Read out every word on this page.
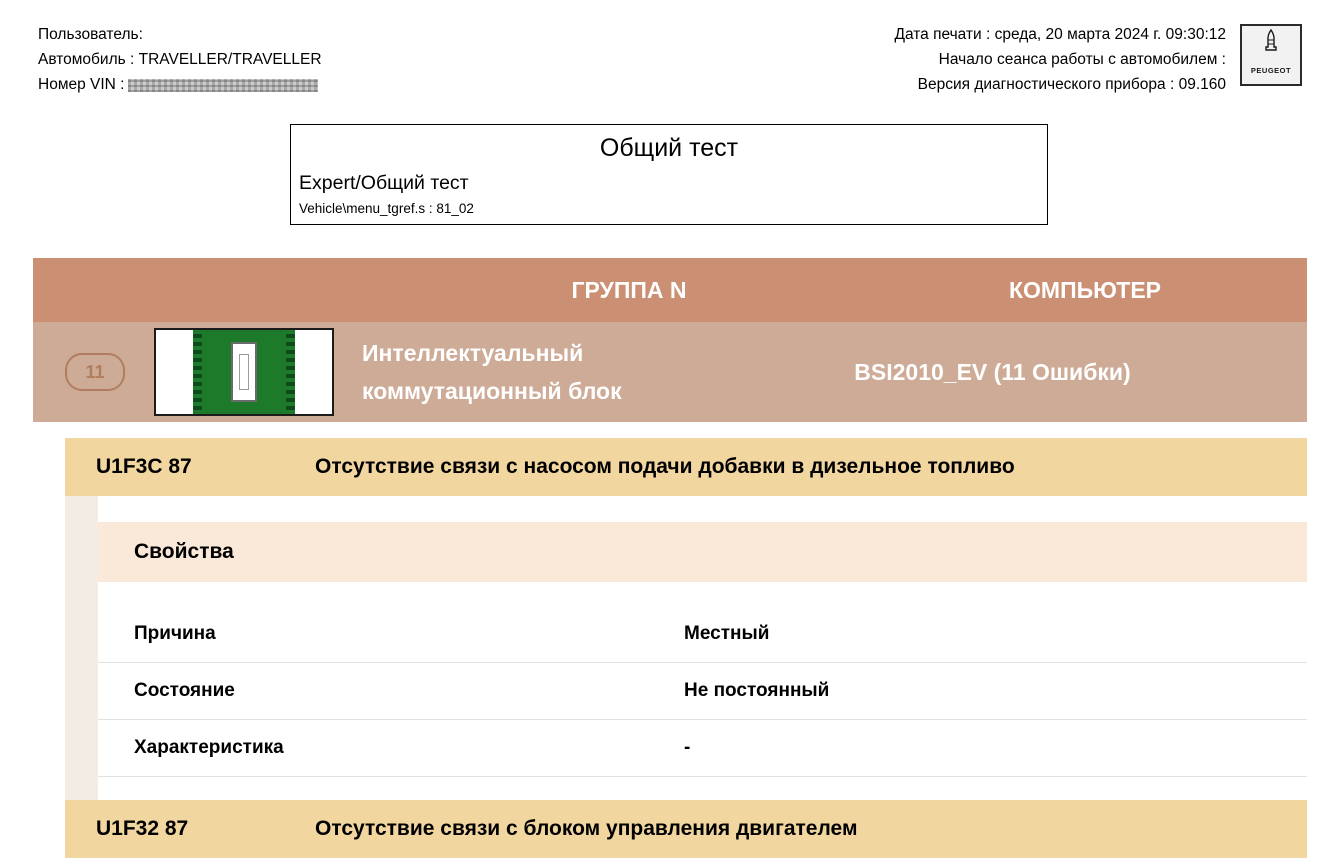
Пользователь:
Автомобиль : TRAVELLER/TRAVELLER
Номер VIN :
Дата печати : среда, 20 марта 2024 г. 09:30:12
Начало сеанса работы с автомобилем :
Версия диагностического прибора : 09.160
PEUGEOT
Общий тест
Expert/Общий тест
Vehicle\menu_tgref.s : 81_02
ГРУППА N	КОМПЬЮТЕР
11
Интеллектуальный
коммутационный блок
BSI2010_EV (11 Ошибки)
U1F3C 87	Отсутствие связи с насосом подачи добавки в дизельное топливо
Свойства
Причина	Местный
Состояние	Не постоянный
Характеристика	-
U1F32 87	Отсутствие связи с блоком управления двигателем
